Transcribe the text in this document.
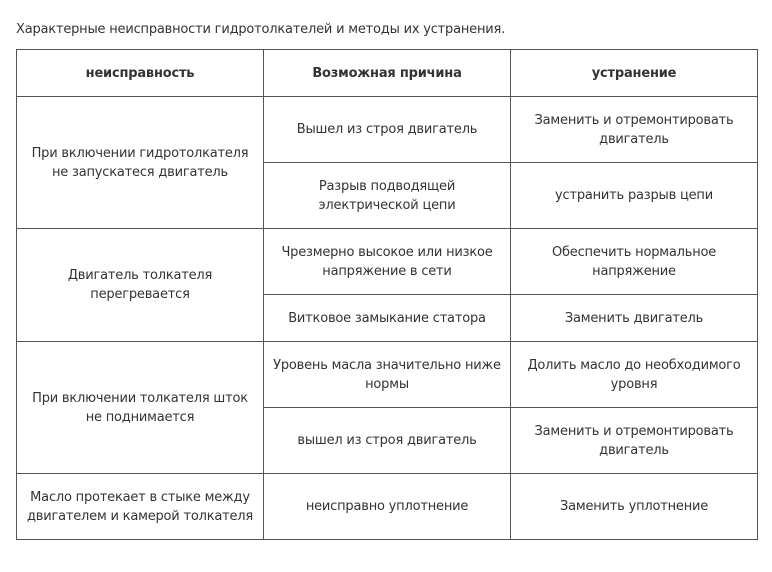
Характерные неисправности гидротолкателей и методы их устранения.
неисправность	Возможная причина	устранение
При включении гидротолкателя не запускатеся двигатель	Вышел из строя двигатель	Заменить и отремонтировать двигатель
	Разрыв подводящей электрической цепи	устранить разрыв цепи
Двигатель толкателя перегревается	Чрезмерно высокое или низкое напряжение в сети	Обеспечить нормальное напряжение
	Витковое замыкание статора	Заменить двигатель
При включении толкателя шток не поднимается	Уровень масла значительно ниже нормы	Долить масло до необходимого уровня
	вышел из строя двигатель	Заменить и отремонтировать двигатель
Масло протекает в стыке между двигателем и камерой толкателя	неисправно уплотнение	Заменить уплотнение
